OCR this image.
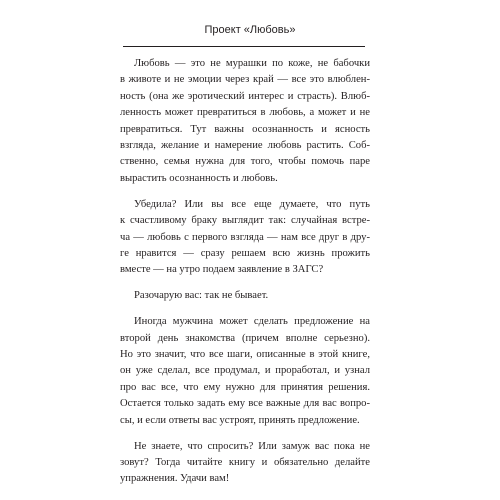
Проект «Любовь»

Любовь — это не мурашки по коже, не бабочки
в животе и не эмоции через край — все это влюблен-
ность (она же эротический интерес и страсть). Влюб-
ленность может превратиться в любовь, а может и не
превратиться. Тут важны осознанность и ясность
взгляда, желание и намерение любовь растить. Соб-
ственно, семья нужна для того, чтобы помочь паре
вырастить осознанность и любовь.

Убедила? Или вы все еще думаете, что путь
к счастливому браку выглядит так: случайная встре-
ча — любовь с первого взгляда — нам все друг в дру-
ге нравится — сразу решаем всю жизнь прожить
вместе — на утро подаем заявление в ЗАГС?

Разочарую вас: так не бывает.

Иногда мужчина может сделать предложение на
второй день знакомства (причем вполне серьезно).
Но это значит, что все шаги, описанные в этой книге,
он уже сделал, все продумал, и проработал, и узнал
про вас все, что ему нужно для принятия решения.
Остается только задать ему все важные для вас вопро-
сы, и если ответы вас устроят, принять предложение.

Не знаете, что спросить? Или замуж вас пока не
зовут? Тогда читайте книгу и обязательно делайте
упражнения. Удачи вам!
